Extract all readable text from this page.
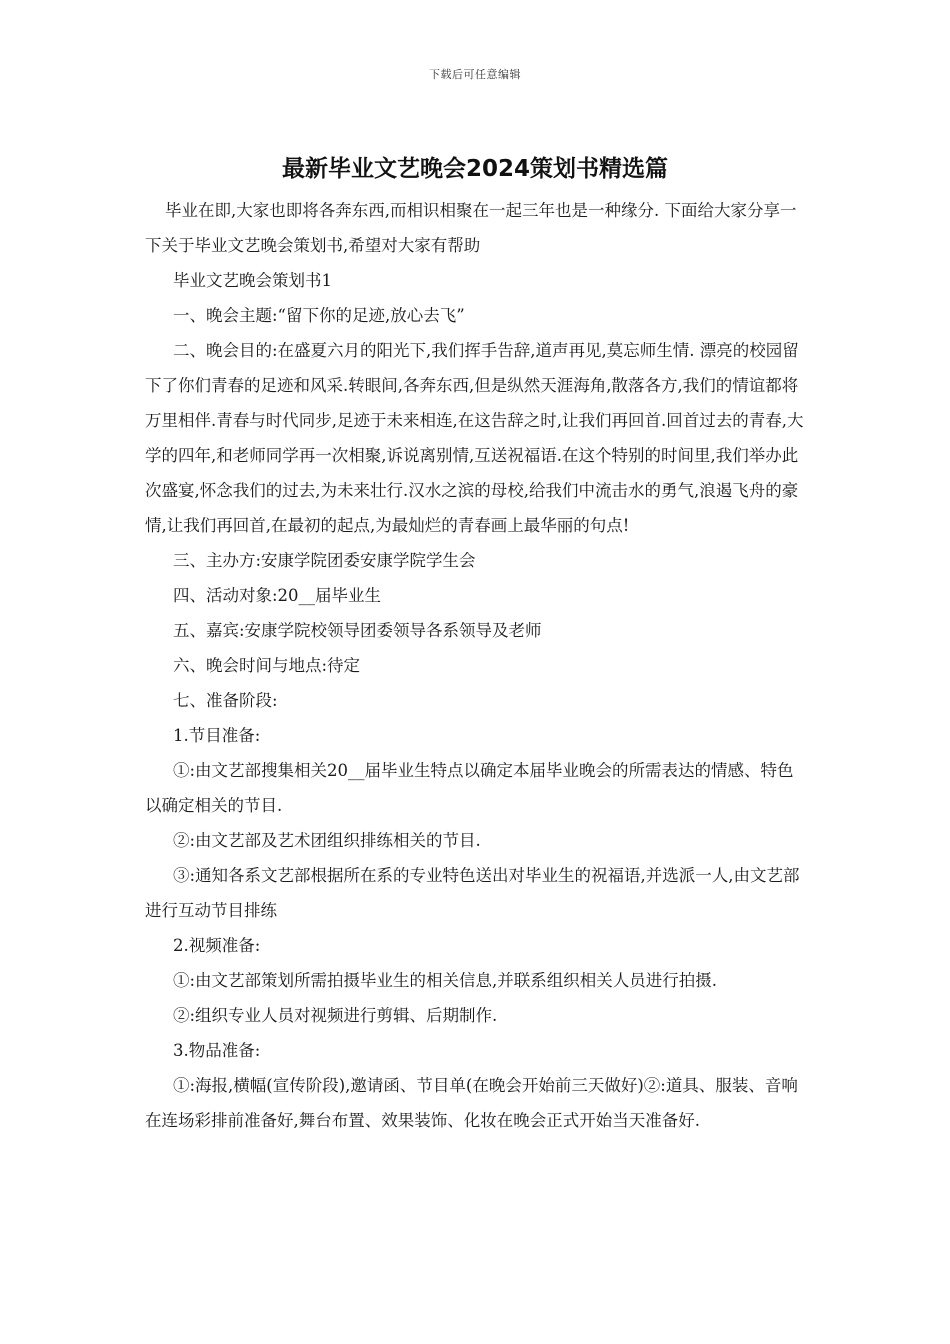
下载后可任意编辑
最新毕业文艺晚会2024策划书精选篇

毕业在即,大家也即将各奔东西,而相识相聚在一起三年也是一种缘分. 下面给大家分享一下关于毕业文艺晚会策划书,希望对大家有帮助

毕业文艺晚会策划书1

一、晚会主题:“留下你的足迹,放心去飞”

二、晚会目的:在盛夏六月的阳光下,我们挥手告辞,道声再见,莫忘师生情. 漂亮的校园留下了你们青春的足迹和风采.转眼间,各奔东西,但是纵然天涯海角,散落各方,我们的情谊都将万里相伴.青春与时代同步,足迹于未来相连,在这告辞之时,让我们再回首.回首过去的青春,大学的四年,和老师同学再一次相聚,诉说离别情,互送祝福语.在这个特别的时间里,我们举办此次盛宴,怀念我们的过去,为未来壮行.汉水之滨的母校,给我们中流击水的勇气,浪遏飞舟的豪情,让我们再回首,在最初的起点,为最灿烂的青春画上最华丽的句点!

三、主办方:安康学院团委安康学院学生会

四、活动对象:20__届毕业生

五、嘉宾:安康学院校领导团委领导各系领导及老师

六、晚会时间与地点:待定

七、准备阶段:

1.节目准备:

①:由文艺部搜集相关20__届毕业生特点以确定本届毕业晚会的所需表达的情感、特色以确定相关的节目.

②:由文艺部及艺术团组织排练相关的节目.

③:通知各系文艺部根据所在系的专业特色送出对毕业生的祝福语,并选派一人,由文艺部进行互动节目排练

2.视频准备:

①:由文艺部策划所需拍摄毕业生的相关信息,并联系组织相关人员进行拍摄.

②:组织专业人员对视频进行剪辑、后期制作.

3.物品准备:

①:海报,横幅(宣传阶段),邀请函、节目单(在晚会开始前三天做好)②:道具、服装、音响在连场彩排前准备好,舞台布置、效果装饰、化妆在晚会正式开始当天准备好.
